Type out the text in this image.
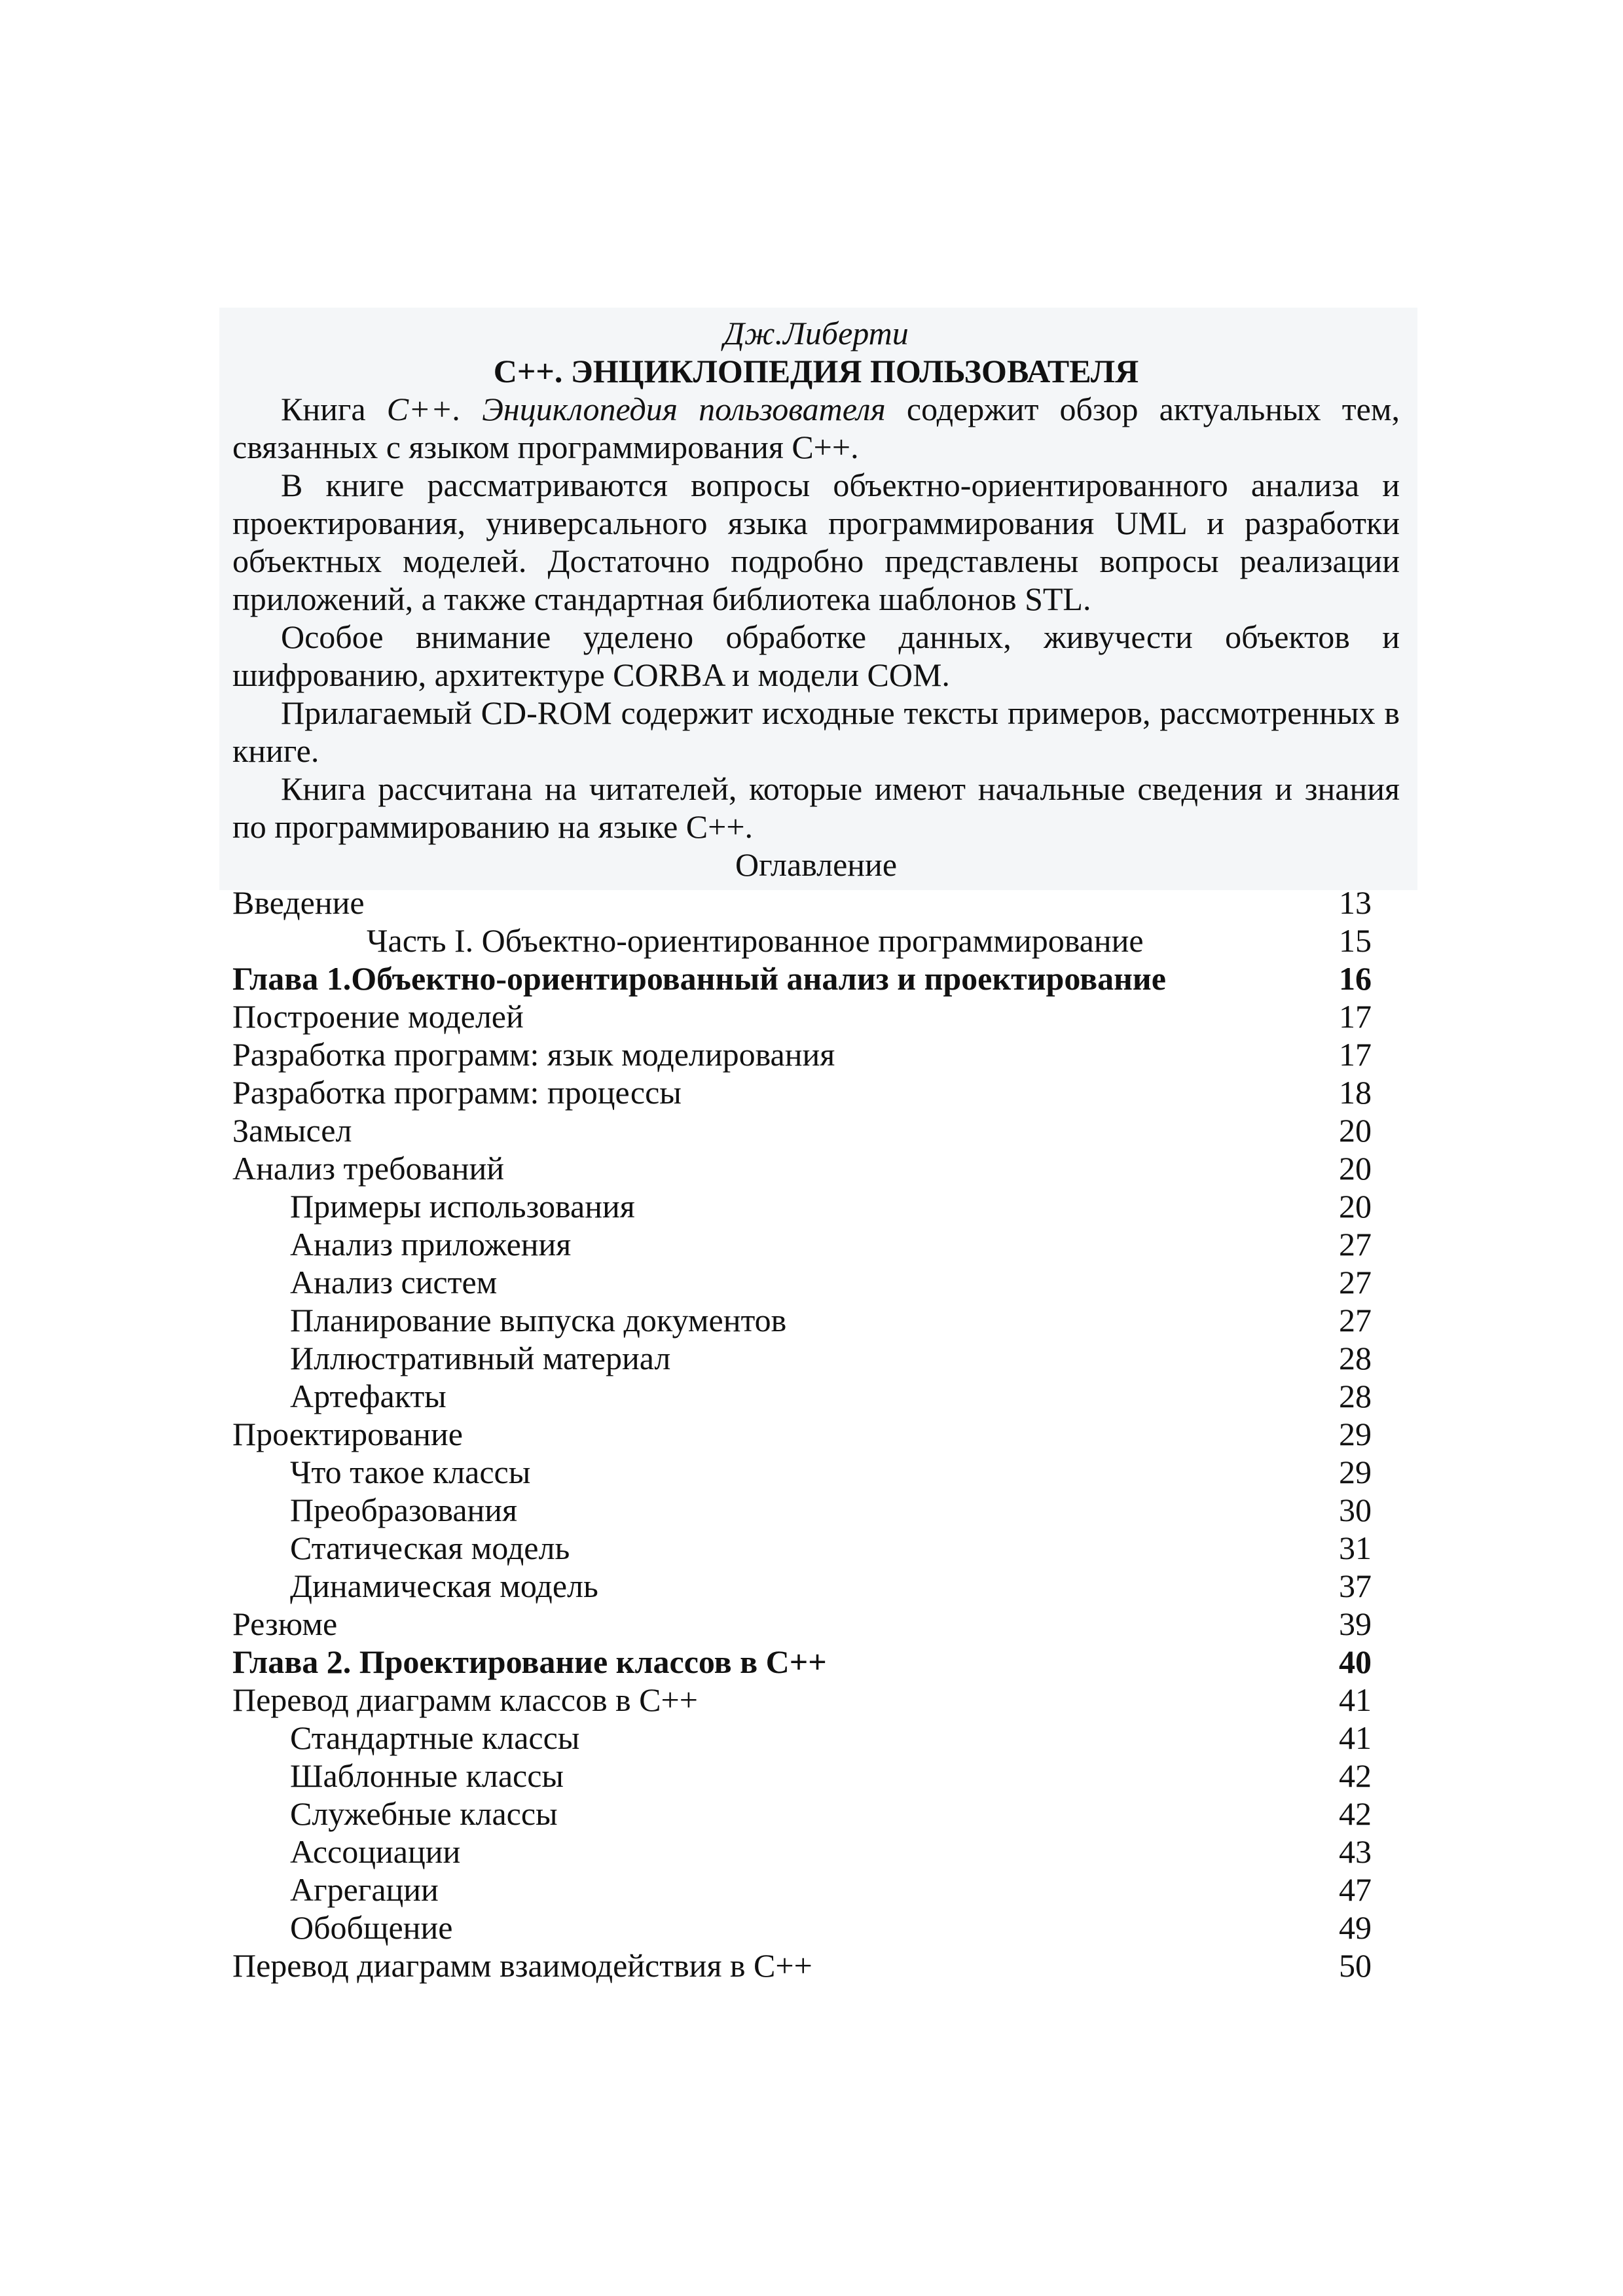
Дж.Либерти
C++. ЭНЦИКЛОПЕДИЯ ПОЛЬЗОВАТЕЛЯ

Книга C++. Энциклопедия пользователя содержит обзор актуальных тем, связанных с языком программирования C++.

В книге рассматриваются вопросы объектно-ориентированного анализа и проектирования, универсального языка программирования UML и разработки объектных моделей. Достаточно подробно представлены вопросы реализации приложений, а также стандартная библиотека шаблонов STL.

Особое внимание уделено обработке данных, живучести объектов и шифрованию, архитектуре CORBA и модели COM.

Прилагаемый CD-ROM содержит исходные тексты примеров, рассмотренных в книге.

Книга рассчитана на читателей, которые имеют начальные сведения и знания по программированию на языке C++.

Оглавление
Введение	13
Часть I. Объектно-ориентированное программирование	15
Глава 1.Объектно-ориентированный анализ и проектирование	16
Построение моделей	17
Разработка программ: язык моделирования	17
Разработка программ: процессы	18
Замысел	20
Анализ требований	20
Примеры использования	20
Анализ приложения	27
Анализ систем	27
Планирование выпуска документов	27
Иллюстративный материал	28
Артефакты	28
Проектирование	29
Что такое классы	29
Преобразования	30
Статическая модель	31
Динамическая модель	37
Резюме	39
Глава 2. Проектирование классов в C++	40
Перевод диаграмм классов в C++	41
Стандартные классы	41
Шаблонные классы	42
Служебные классы	42
Ассоциации	43
Агрегации	47
Обобщение	49
Перевод диаграмм взаимодействия в C++	50
